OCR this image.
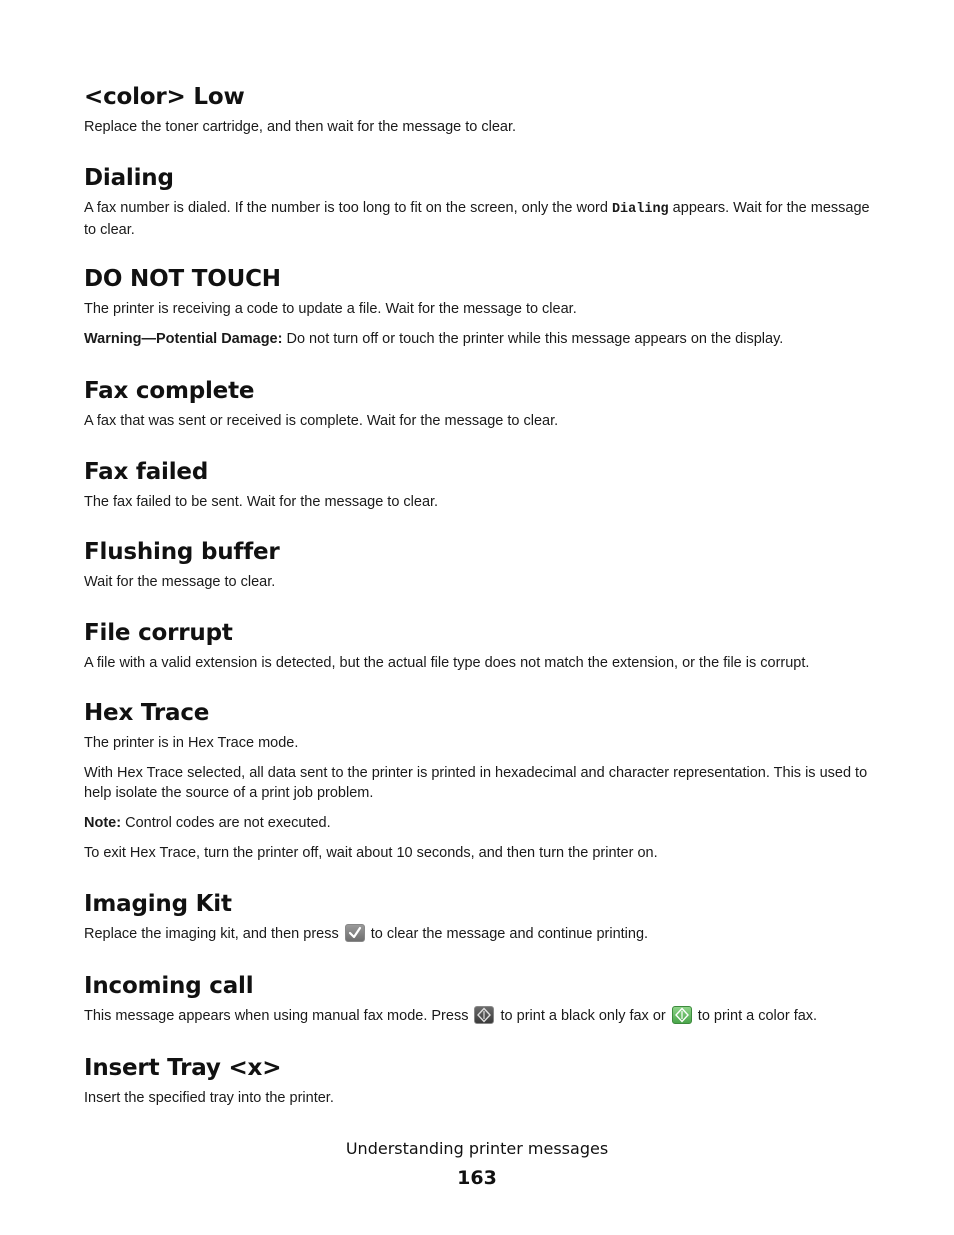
<color> Low

Replace the toner cartridge, and then wait for the message to clear.

Dialing

A fax number is dialed. If the number is too long to fit on the screen, only the word Dialing appears. Wait for the message to clear.

DO NOT TOUCH

The printer is receiving a code to update a file. Wait for the message to clear.

Warning—Potential Damage: Do not turn off or touch the printer while this message appears on the display.

Fax complete

A fax that was sent or received is complete. Wait for the message to clear.

Fax failed

The fax failed to be sent. Wait for the message to clear.

Flushing buffer

Wait for the message to clear.

File corrupt

A file with a valid extension is detected, but the actual file type does not match the extension, or the file is corrupt.

Hex Trace

The printer is in Hex Trace mode.

With Hex Trace selected, all data sent to the printer is printed in hexadecimal and character representation. This is used to help isolate the source of a print job problem.

Note: Control codes are not executed.

To exit Hex Trace, turn the printer off, wait about 10 seconds, and then turn the printer on.

Imaging Kit

Replace the imaging kit, and then press
to clear the message and continue printing.

Incoming call

This message appears when using manual fax mode. Press
to print a black only fax or
to print a color fax.

Insert Tray <x>

Insert the specified tray into the printer.

Understanding printer messages
163
